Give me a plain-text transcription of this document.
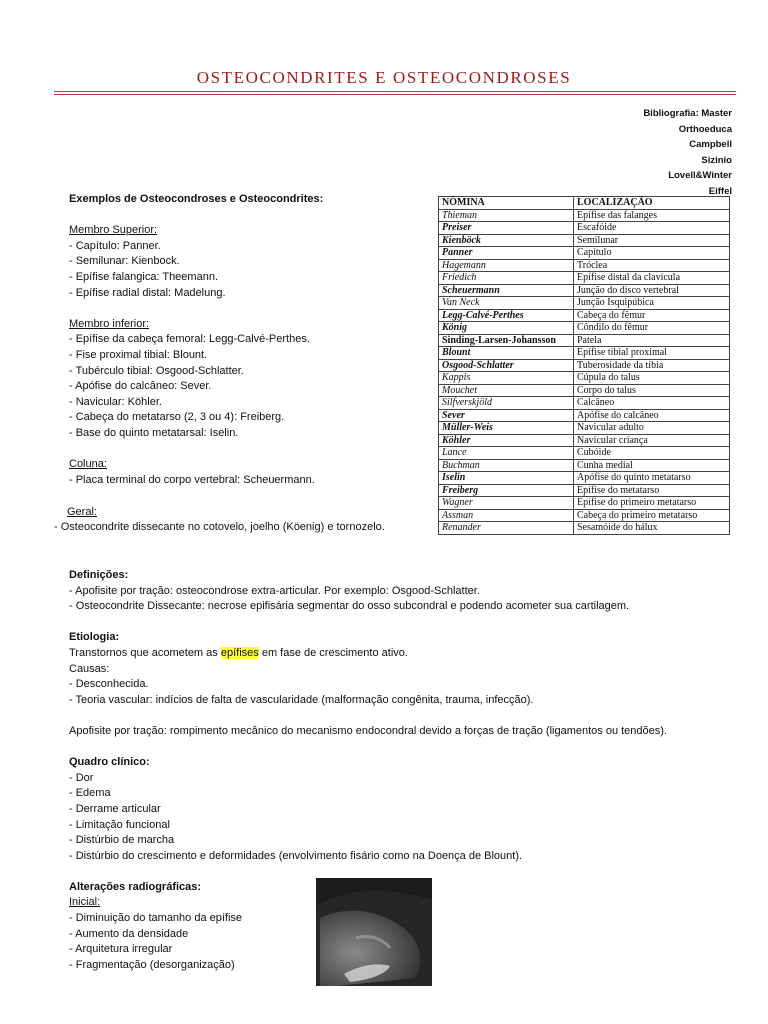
OSTEOCONDRITES E OSTEOCONDROSES
Bibliografia: Master
Orthoeduca
Campbell
Sizinio
Lovell&Winter
Eiffel
Exemplos de Osteocondroses e Osteocondrites:

Membro Superior:
- Capítulo: Panner.
- Semilunar: Kienbock.
- Epífise falangica: Theemann.
- Epífise radial distal: Madelung.

Membro inferior:
- Epífise da cabeça femoral: Legg-Calvé-Perthes.
- Fise proximal tibial: Blount.
- Tubérculo tibial: Osgood-Schlatter.
- Apófise do calcâneo: Sever.
- Navicular: Köhler.
- Cabeça do metatarso (2, 3 ou 4): Freiberg.
- Base do quinto metatarsal: Iselin.

Coluna:
- Placa terminal do corpo vertebral: Scheuermann.
Geral:
- Osteocondrite dissecante no cotovelo, joelho (Köenig) e tornozelo.
NÔMINA	LOCALIZAÇÃO
Thieman	Epífise das falanges
Preiser	Escafóide
Kienböck	Semilunar
Panner	Capítulo
Hagemann	Tróclea
Friedich	Epífise distal da clavícula
Scheuermann	Junção do disco vertebral
Van Neck	Junção Isquipúbica
Legg-Calvé-Perthes	Cabeça do fêmur
König	Côndilo do fêmur
Sinding-Larsen-Johansson	Patela
Blount	Epífise tibial proximal
Osgood-Schlatter	Tuberosidade da tíbia
Kappis	Cúpula do talus
Mouchet	Corpo do talus
Silfverskjöld	Calcâneo
Sever	Apófise do calcâneo
Müller-Weis	Navicular adulto
Köhler	Navicular criança
Lance	Cubóide
Buchman	Cunha medial
Iselin	Apófise do quinto metatarso
Freiberg	Epífise do metatarso
Wagner	Epífise do primeiro metatarso
Assman	Cabeça do primeiro metatarso
Renander	Sesamóide do hálux
Definições:
- Apofisite por tração: osteocondrose extra-articular. Por exemplo: Osgood-Schlatter.
- Osteocondrite Dissecante: necrose epifisária segmentar do osso subcondral e podendo acometer sua cartilagem.

Etiologia:
Transtornos que acometem as epífises em fase de crescimento ativo.
Causas:
- Desconhecida.
- Teoria vascular: indícios de falta de vascularidade (malformação congênita, trauma, infecção).

Apofisite por tração: rompimento mecânico do mecanismo endocondral devido a forças de tração (ligamentos ou tendões).

Quadro clínico:
- Dor
- Edema
- Derrame articular
- Limitação funcional
- Distúrbio de marcha
- Distúrbio do crescimento e deformidades (envolvimento fisário como na Doença de Blount).

Alterações radiográficas:
Inicial:
- Diminuição do tamanho da epífise
- Aumento da densidade
- Arquitetura irregular
- Fragmentação (desorganização)
